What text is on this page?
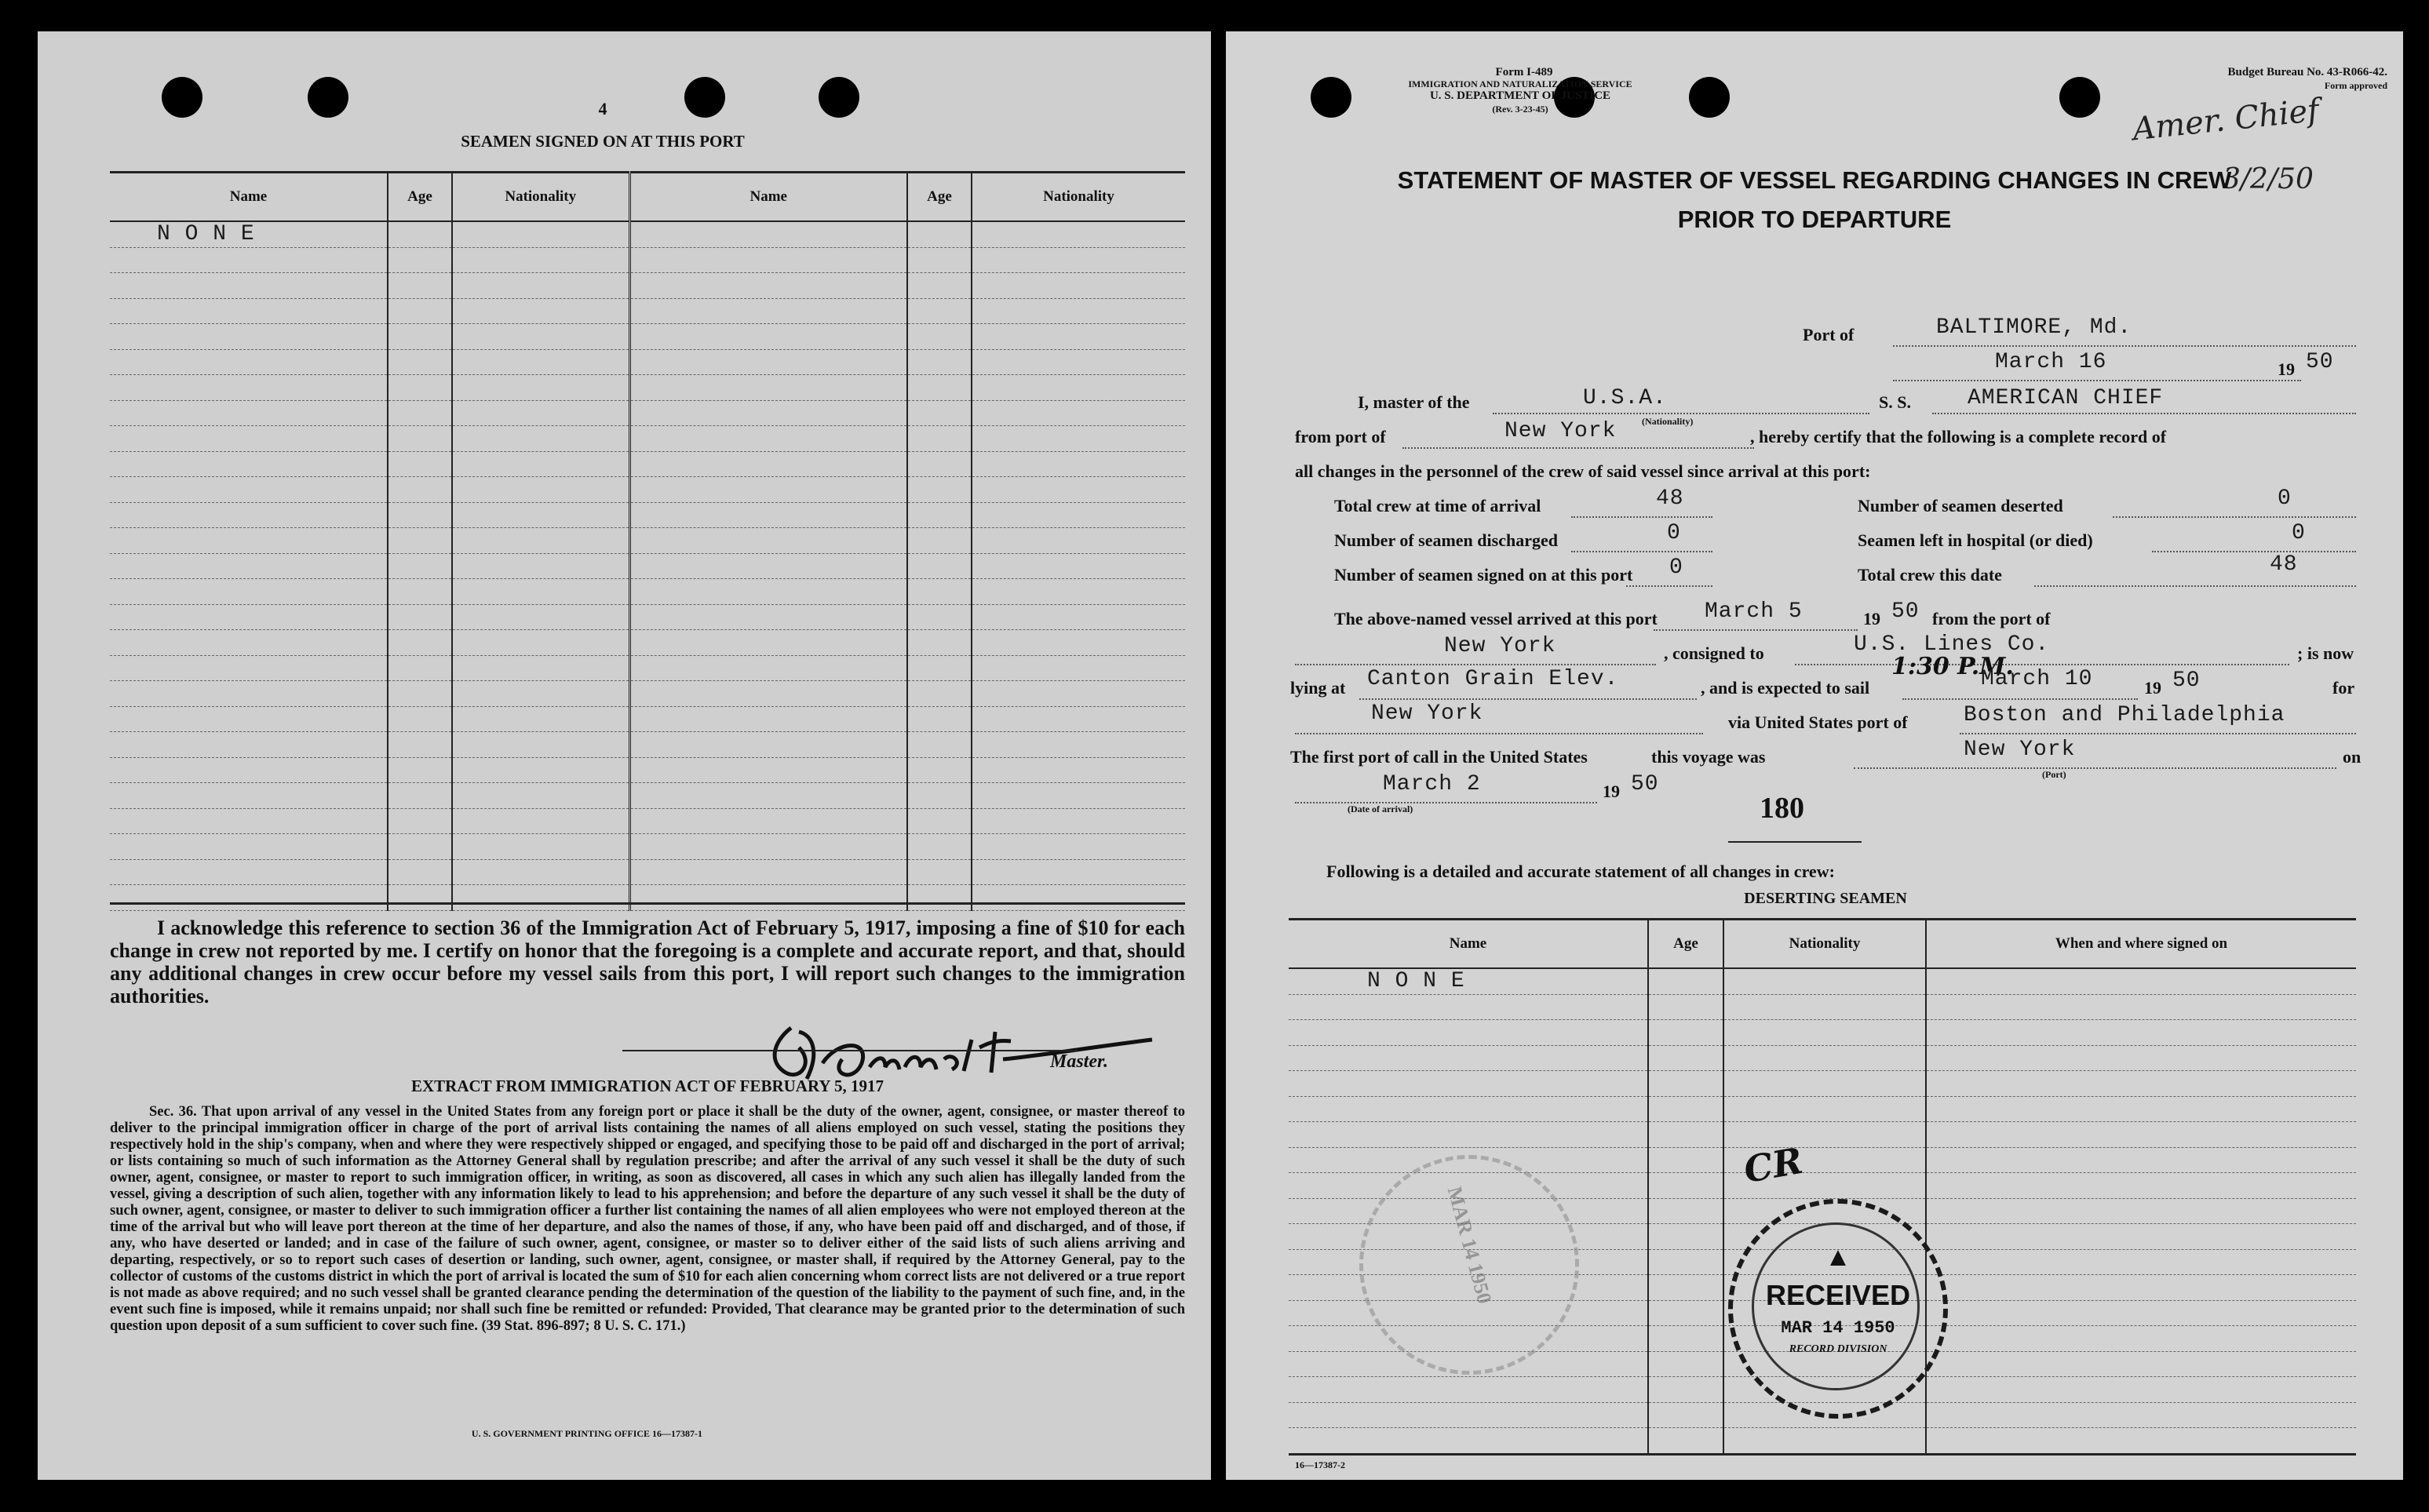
4
SEAMEN SIGNED ON AT THIS PORT
Name	Age	Nationality	Name	Age	Nationality
N O N E					

I acknowledge this reference to section 36 of the Immigration Act of February 5, 1917, imposing a fine of $10 for each change in crew not reported by me. I certify on honor that the foregoing is a complete and accurate report, and that, should any additional changes in crew occur before my vessel sails from this port, I will report such changes to the immigration authorities.
Master.
EXTRACT FROM IMMIGRATION ACT OF FEBRUARY 5, 1917
Sec. 36. That upon arrival of any vessel in the United States from any foreign port or place it shall be the duty of the owner, agent, consignee, or master thereof to deliver to the principal immigration officer in charge of the port of arrival lists containing the names of all aliens employed on such vessel, stating the positions they respectively hold in the ship's company, when and where they were respectively shipped or engaged, and specifying those to be paid off and discharged in the port of arrival; or lists containing so much of such information as the Attorney General shall by regulation prescribe; and after the arrival of any such vessel it shall be the duty of such owner, agent, consignee, or master to report to such immigration officer, in writing, as soon as discovered, all cases in which any such alien has illegally landed from the vessel, giving a description of such alien, together with any information likely to lead to his apprehension; and before the departure of any such vessel it shall be the duty of such owner, agent, consignee, or master to deliver to such immigration officer a further list containing the names of all alien employees who were not employed thereon at the time of the arrival but who will leave port thereon at the time of her departure, and also the names of those, if any, who have been paid off and discharged, and of those, if any, who have deserted or landed; and in case of the failure of such owner, agent, consignee, or master so to deliver either of the said lists of such aliens arriving and departing, respectively, or so to report such cases of desertion or landing, such owner, agent, consignee, or master shall, if required by the Attorney General, pay to the collector of customs of the customs district in which the port of arrival is located the sum of $10 for each alien concerning whom correct lists are not delivered or a true report is not made as above required; and no such vessel shall be granted clearance pending the determination of the question of the liability to the payment of such fine, and, in the event such fine is imposed, while it remains unpaid; nor shall such fine be remitted or refunded: Provided, That clearance may be granted prior to the determination of such question upon deposit of a sum sufficient to cover such fine. (39 Stat. 896-897; 8 U. S. C. 171.)
U. S. GOVERNMENT PRINTING OFFICE 16—17387-1
Form I-489
IMMIGRATION AND NATURALIZATION SERVICE
U. S. DEPARTMENT OF JUSTICE
(Rev. 3-23-45)
Budget Bureau No. 43-R066-42.
Form approved
Amer. Chief
3/2/50
STATEMENT OF MASTER OF VESSEL REGARDING CHANGES IN CREW
PRIOR TO DEPARTURE
Port of	BALTIMORE, Md.
March 16	19 50
I, master of the	U.S.A.
(Nationality)
S. S.	AMERICAN CHIEF
from port of	New York	, hereby certify that the following is a complete record of
all changes in the personnel of the crew of said vessel since arrival at this port:
Total crew at time of arrival	48	Number of seamen deserted	0
Number of seamen discharged	0	Seamen left in hospital (or died)	0
Number of seamen signed on at this port 0	Total crew this date	48
The above-named vessel arrived at this port March 5	19 50 from the port of
New York	, consigned to	U.S. Lines Co.	; is now
lying at Canton Grain Elev.	, and is expected to sail
1:30 P.M.
March 10	19 50	for
New York	via United States port of	Boston and Philadelphia
The first port of call in the United States	this voyage was	New York
(Port)
on
March 2	19 50
(Date of arrival)	180
Following is a detailed and accurate statement of all changes in crew:
DESERTING SEAMEN
Name	Age	Nationality	When and where signed on
N O N E			

16—17387-2
CR
MAR 14 1950	▲
RECEIVED
MAR 14 1950
RECORD DIVISION
